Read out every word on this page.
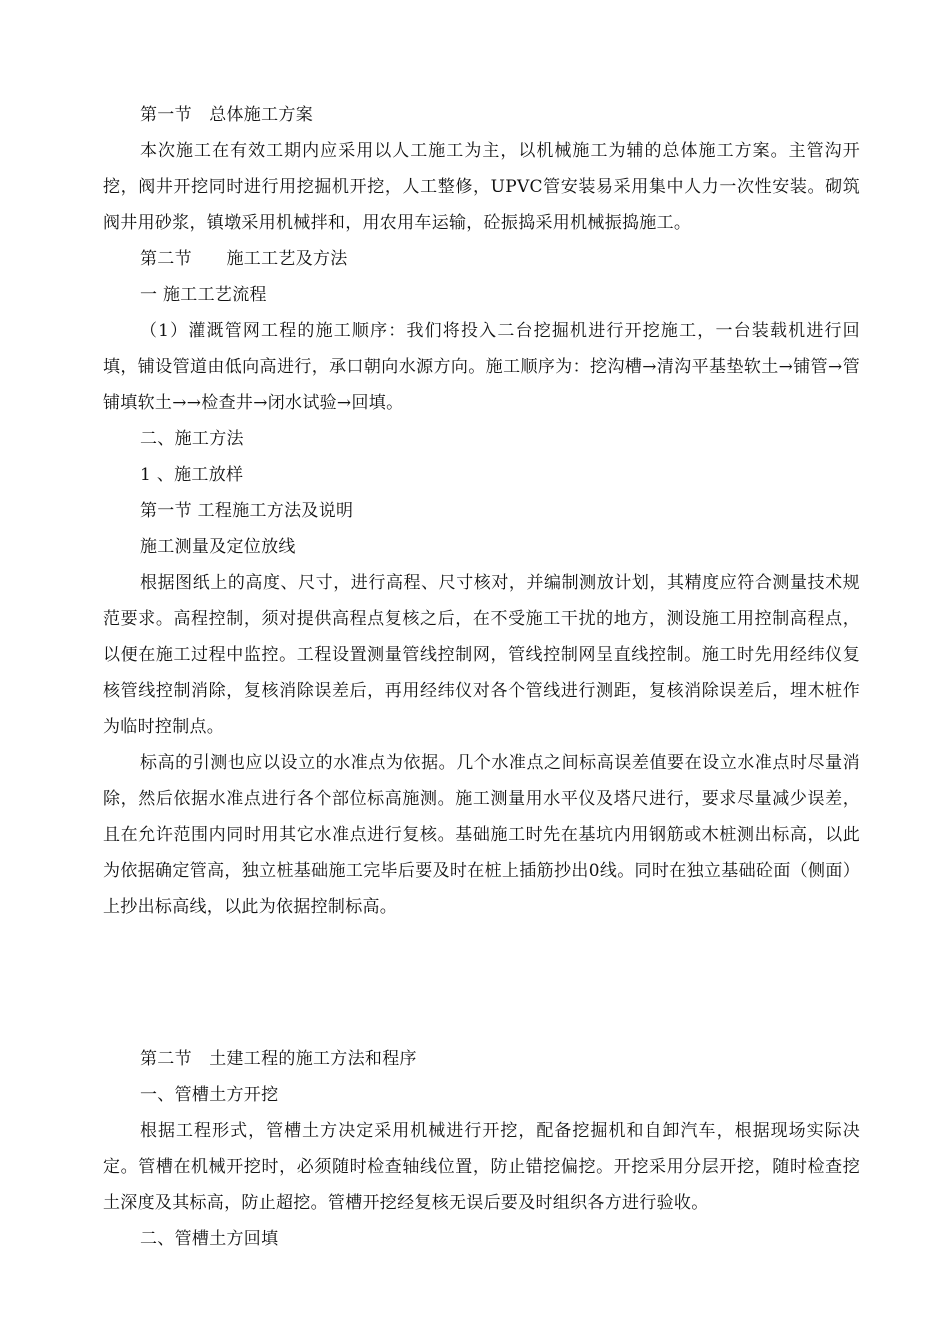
第一节　总体施工方案

本次施工在有效工期内应采用以人工施工为主，以机械施工为辅的总体施工方案。主管沟开挖，阀井开挖同时进行用挖掘机开挖，人工整修，UPVC管安装易采用集中人力一次性安装。砌筑阀井用砂浆，镇墩采用机械拌和，用农用车运输，砼振捣采用机械振捣施工。

第二节　　施工工艺及方法

一 施工工艺流程

（1）灌溉管网工程的施工顺序：我们将投入二台挖掘机进行开挖施工，一台装载机进行回填，铺设管道由低向高进行，承口朝向水源方向。施工顺序为：挖沟槽→清沟平基垫软土→铺管→管铺填软土→→检查井→闭水试验→回填。

二、施工方法

1 、施工放样

第一节 工程施工方法及说明

施工测量及定位放线

根据图纸上的高度、尺寸，进行高程、尺寸核对，并编制测放计划，其精度应符合测量技术规范要求。高程控制，须对提供高程点复核之后，在不受施工干扰的地方，测设施工用控制高程点，以便在施工过程中监控。工程设置测量管线控制网，管线控制网呈直线控制。施工时先用经纬仪复核管线控制消除，复核消除误差后，再用经纬仪对各个管线进行测距，复核消除误差后，埋木桩作为临时控制点。

标高的引测也应以设立的水准点为依据。几个水准点之间标高误差值要在设立水准点时尽量消除，然后依据水准点进行各个部位标高施测。施工测量用水平仪及塔尺进行，要求尽量减少误差，且在允许范围内同时用其它水准点进行复核。基础施工时先在基坑内用钢筋或木桩测出标高，以此为依据确定管高，独立桩基础施工完毕后要及时在桩上插筋抄出0线。同时在独立基础砼面（侧面）上抄出标高线，以此为依据控制标高。

第二节　土建工程的施工方法和程序

一、管槽土方开挖

根据工程形式，管槽土方决定采用机械进行开挖，配备挖掘机和自卸汽车，根据现场实际决定。管槽在机械开挖时，必须随时检查轴线位置，防止错挖偏挖。开挖采用分层开挖，随时检查挖土深度及其标高，防止超挖。管槽开挖经复核无误后要及时组织各方进行验收。

二、管槽土方回填
